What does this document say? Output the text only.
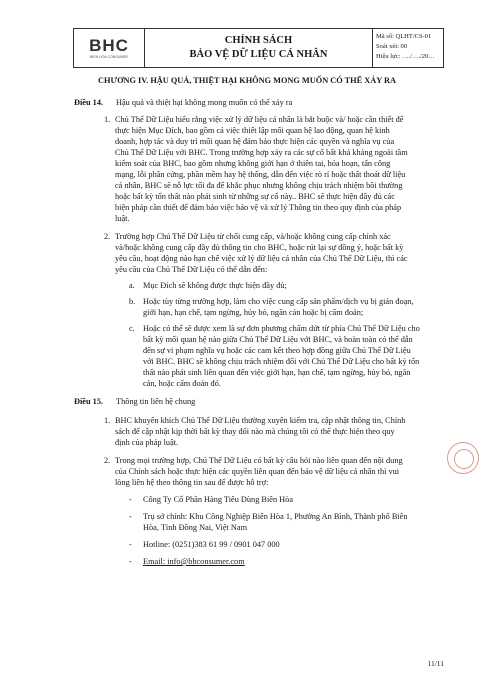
BHC
BIEN HOA CONSUMER
CHÍNH SÁCH
BẢO VỆ DỮ LIỆU CÁ NHÂN
Mã số: QLHT/CS-01
Soát xét: 00
Hiệu lực: …./…./20…
CHƯƠNG IV. HẬU QUẢ, THIỆT HẠI KHÔNG MONG MUỐN CÓ THỂ XẢY RA
Điều 14. Hậu quả và thiệt hại không mong muốn có thể xảy ra
1. Chủ Thể Dữ Liệu hiểu rằng việc xử lý dữ liệu cá nhân là bắt buộc và/ hoặc cần thiết để
thực hiện Mục Đích, bao gồm cả việc thiết lập mối quan hệ lao động, quan hệ kinh
doanh, hợp tác và duy trì mối quan hệ đảm bảo thực hiện các quyền và nghĩa vụ của
Chủ Thể Dữ Liệu với BHC. Trong trường hợp xảy ra các sự cố bất khả kháng ngoài tầm
kiểm soát của BHC, bao gồm nhưng không giới hạn ở thiên tai, hỏa hoạn, tấn công
mạng, lỗi phần cứng, phần mềm hay hệ thống, dẫn đến việc rò rỉ hoặc thất thoát dữ liệu
cá nhân, BHC sẽ nỗ lực tối đa để khắc phục nhưng không chịu trách nhiệm bồi thường
hoặc bất kỳ tổn thất nào phát sinh từ những sự cố này.. BHC sẽ thực hiện đầy đủ các
biện pháp cần thiết để đảm bảo việc bảo vệ và xử lý Thông tin theo quy định của pháp
luật.
2. Trường hợp Chủ Thể Dữ Liệu từ chối cung cấp, và/hoặc không cung cấp chính xác
và/hoặc không cung cấp đầy đủ thông tin cho BHC, hoặc rút lại sự đồng ý, hoặc bất kỳ
yêu cầu, hoạt động nào hạn chế việc xử lý dữ liệu cá nhân của Chủ Thể Dữ Liệu, thì các
yêu cầu của Chủ Thể Dữ Liệu có thể dẫn đến:
a. Mục Đích sẽ không được thực hiện đầy đủ;
b. Hoặc tùy từng trường hợp, làm cho việc cung cấp sản phẩm/dịch vụ bị gián đoạn,
giới hạn, hạn chế, tạm ngừng, hủy bỏ, ngăn cản hoặc bị cấm đoán;
c. Hoặc có thể sẽ được xem là sự đơn phương chấm dứt từ phía Chủ Thể Dữ Liệu cho
bất kỳ mối quan hệ nào giữa Chủ Thể Dữ Liệu với BHC, và hoàn toàn có thể dẫn
đến sự vi phạm nghĩa vụ hoặc các cam kết theo hợp đồng giữa Chủ Thể Dữ Liệu
với BHC. BHC sẽ không chịu trách nhiệm đối với Chủ Thể Dữ Liệu cho bất kỳ tổn
thất nào phát sinh liên quan đến việc giới hạn, hạn chế, tạm ngừng, hủy bỏ, ngăn
cản, hoặc cấm đoán đó.
Điều 15. Thông tin liên hệ chung
1. BHC khuyến khích Chủ Thể Dữ Liệu thường xuyên kiểm tra, cập nhật thông tin, Chính
sách để cập nhật kịp thời bất kỳ thay đổi nào mà chúng tôi có thể thực hiện theo quy
định của pháp luật.
2. Trong mọi trường hợp, Chủ Thể Dữ Liệu có bất kỳ câu hỏi nào liên quan đến nội dung
của Chính sách hoặc thực hiện các quyền liên quan đến bảo vệ dữ liệu cá nhân thì vui
lòng liên hệ theo thông tin sau để được hỗ trợ:
- Công Ty Cổ Phần Hàng Tiêu Dùng Biên Hòa
- Trụ sở chính: Khu Công Nghiệp Biên Hòa 1, Phường An Bình, Thành phố Biên
Hòa, Tỉnh Đồng Nai, Việt Nam
- Hotline: (0251)383 61 99 / 0901 047 000
- Email: info@bhconsumer.com
11/11
